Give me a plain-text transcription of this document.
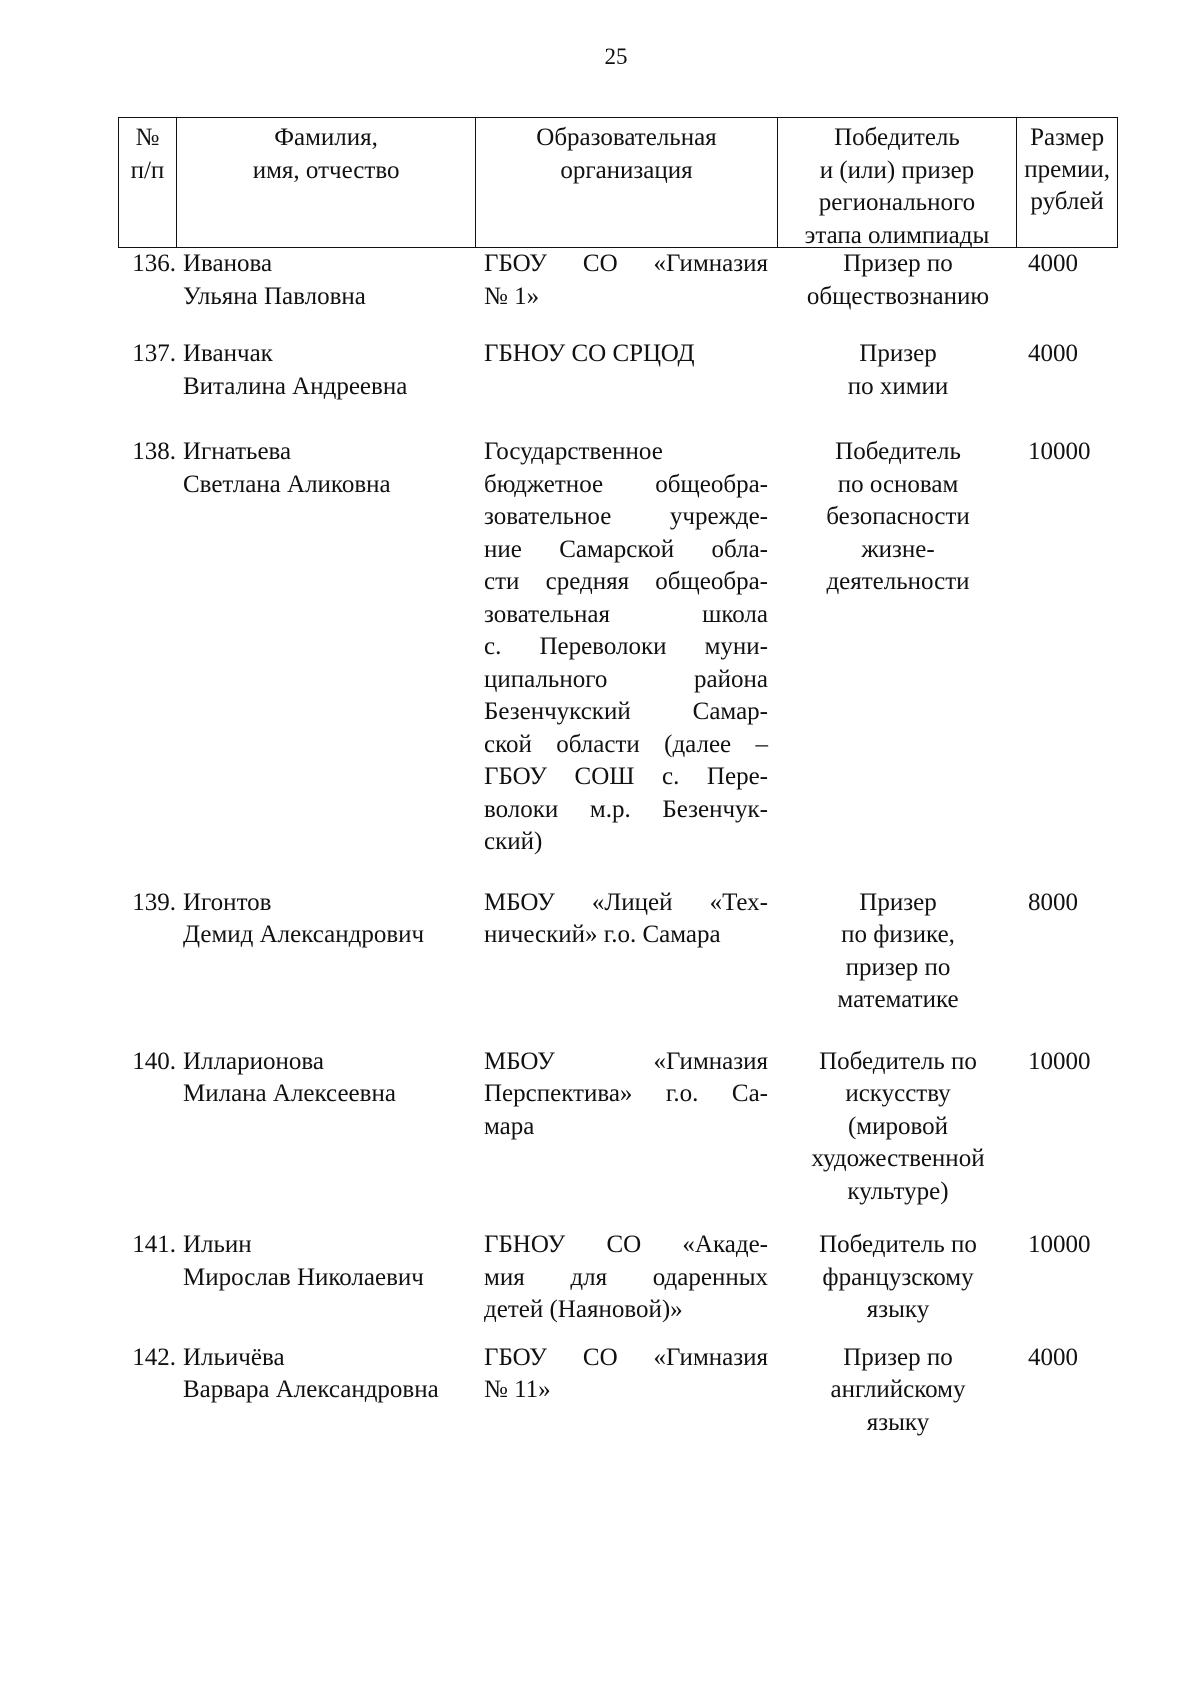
25
№
п/п
Фамилия,
имя, отчество
Образовательная
организация
Победитель
и (или) призер
регионального
этапа олимпиады
Размер
премии,
рублей
136. Иванова
Ульяна Павловна
ГБОУ СО «Гимназия
№ 1»
Призер по
обществознанию
4000
137. Иванчак
Виталина Андреевна
ГБНОУ СО СРЦОД	Призер
по химии
4000
138. Игнатьева
Светлана Аликовна
Государственное
бюджетное общеобра-
зовательное учрежде-
ние Самарской обла-
сти средняя общеобра-
зовательная школа
с. Переволоки муни-
ципального района
Безенчукский Самар-
ской области (далее –
ГБОУ СОШ с. Пере-
волоки м.р. Безенчук-
ский)
Победитель
по основам
безопасности
жизне-
деятельности
10000
139. Игонтов
Демид Александрович
МБОУ «Лицей «Тех-
нический» г.о. Самара
Призер
по физике,
призер по
математике
8000
140. Илларионова
Милана Алексеевна
МБОУ «Гимназия
Перспектива» г.о. Са-
мара
Победитель по
искусству
(мировой
художественной
культуре)
10000
141. Ильин
Мирослав Николаевич
ГБНОУ СО «Акаде-
мия для одаренных
детей (Наяновой)»
Победитель по
французскому
языку
10000
142. Ильичёва
Варвара Александровна
ГБОУ СО «Гимназия
№ 11»
Призер по
английскому
языку
4000
